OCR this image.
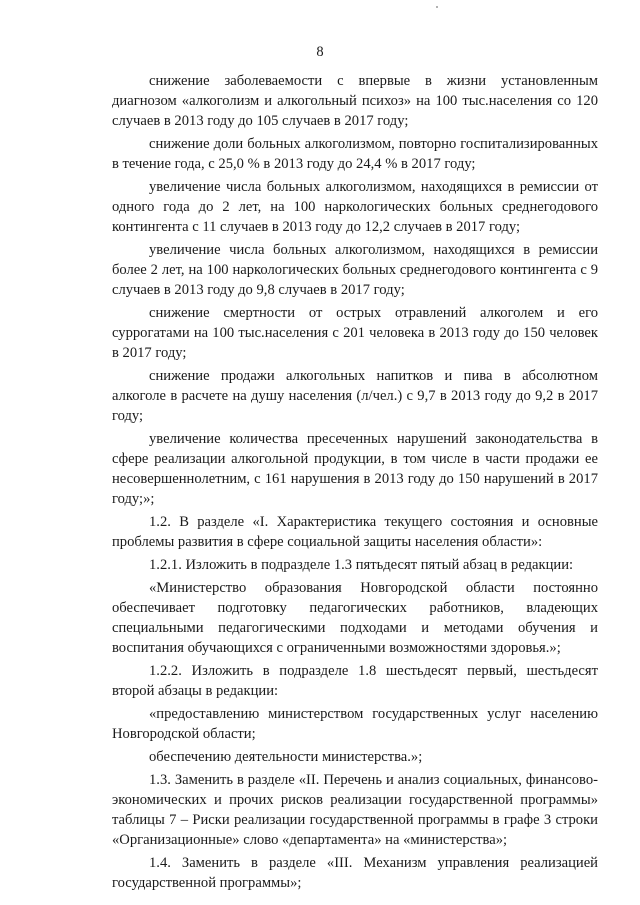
8

снижение заболеваемости с впервые в жизни установленным диагнозом «алкоголизм и алкогольный психоз» на 100 тыс.населения со 120 случаев в 2013 году до 105 случаев в 2017 году;

снижение доли больных алкоголизмом, повторно госпитализированных в течение года, с 25,0 % в 2013 году до 24,4 % в 2017 году;

увеличение числа больных алкоголизмом, находящихся в ремиссии от одного года до 2 лет, на 100 наркологических больных среднегодового контингента с 11 случаев в 2013 году до 12,2 случаев в 2017 году;

увеличение числа больных алкоголизмом, находящихся в ремиссии более 2 лет, на 100 наркологических больных среднегодового контингента с 9 случаев в 2013 году до 9,8 случаев в 2017 году;

снижение смертности от острых отравлений алкоголем и его суррогатами на 100 тыс.населения с 201 человека в 2013 году до 150 человек в 2017 году;

снижение продажи алкогольных напитков и пива в абсолютном алкоголе в расчете на душу населения (л/чел.) с 9,7 в 2013 году до 9,2 в 2017 году;

увеличение количества пресеченных нарушений законодательства в сфере реализации алкогольной продукции, в том числе в части продажи ее несовершеннолетним, с 161 нарушения в 2013 году до 150 нарушений в 2017 году;»;

1.2. В разделе «I. Характеристика текущего состояния и основные проблемы развития в сфере социальной защиты населения области»:

1.2.1. Изложить в подразделе 1.3 пятьдесят пятый абзац в редакции:

«Министерство образования Новгородской области постоянно обеспечивает подготовку педагогических работников, владеющих специальными педагогическими подходами и методами обучения и воспитания обучающихся с ограниченными возможностями здоровья.»;

1.2.2. Изложить в подразделе 1.8 шестьдесят первый, шестьдесят второй абзацы в редакции:

«предоставлению министерством государственных услуг населению Новгородской области;

обеспечению деятельности министерства.»;

1.3. Заменить в разделе «II. Перечень и анализ социальных, финансово-экономических и прочих рисков реализации государственной программы» таблицы 7 – Риски реализации государственной программы в графе 3 строки «Организационные» слово «департамента» на «министерства»;

1.4. Заменить в разделе «III. Механизм управления реализацией государственной программы»;
